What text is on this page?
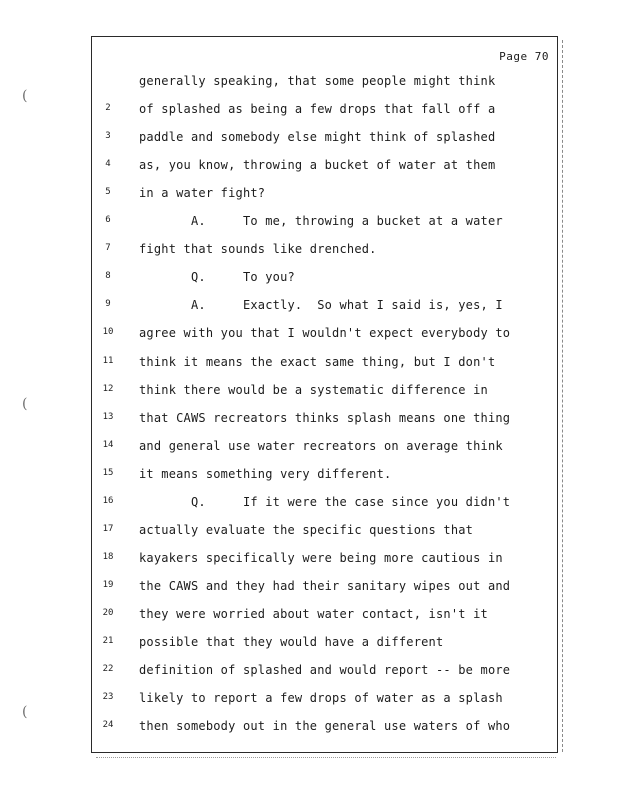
(
(
(
Page 70
generally speaking, that some people might think
2	of splashed as being a few drops that fall off a
3	paddle and somebody else might think of splashed
4	as, you know, throwing a bucket of water at them
5	in a water fight?
6	A.     To me, throwing a bucket at a water
7	fight that sounds like drenched.
8	Q.     To you?
9	A.     Exactly.  So what I said is, yes, I
10	agree with you that I wouldn't expect everybody to
11	think it means the exact same thing, but I don't
12	think there would be a systematic difference in
13	that CAWS recreators thinks splash means one thing
14	and general use water recreators on average think
15	it means something very different.
16	Q.     If it were the case since you didn't
17	actually evaluate the specific questions that
18	kayakers specifically were being more cautious in
19	the CAWS and they had their sanitary wipes out and
20	they were worried about water contact, isn't it
21	possible that they would have a different
22	definition of splashed and would report -- be more
23	likely to report a few drops of water as a splash
24	then somebody out in the general use waters of who
